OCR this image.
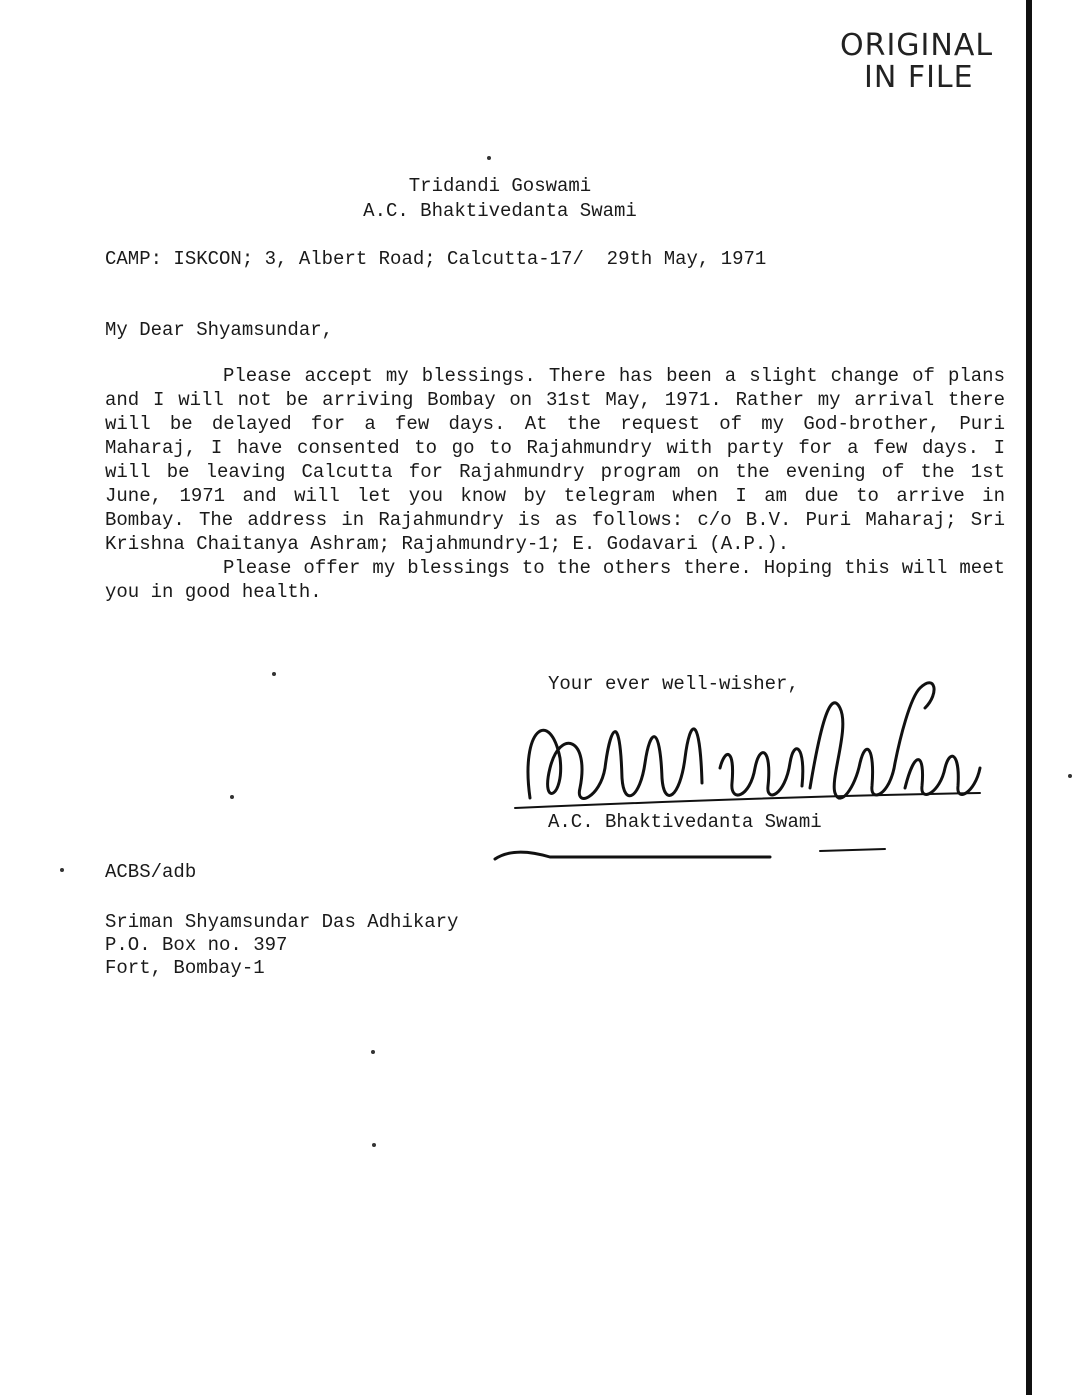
ORIGINAL
IN FILE
Tridandi Goswami
A.C. Bhaktivedanta Swami
CAMP: ISKCON; 3, Albert Road; Calcutta-17/  29th May, 1971
My Dear Shyamsundar,

Please accept my blessings. There has been a slight change of plans and I will not be arriving Bombay on 31st May, 1971. Rather my arrival there will be delayed for a few days. At the request of my God-brother, Puri Maharaj, I have consented to go to Rajahmundry with party for a few days. I will be leaving Calcutta for Rajahmundry program on the evening of the 1st June, 1971 and will let you know by telegram when I am due to arrive in Bombay. The address in Rajahmundry is as follows: c/o B.V. Puri Maharaj; Sri Krishna Chaitanya Ashram; Rajahmundry-1; E. Godavari (A.P.).

Please offer my blessings to the others there. Hoping this will meet you in good health.

Your ever well-wisher,
A.C. Bhaktivedanta Swami
ACBS/adb
Sriman Shyamsundar Das Adhikary
P.O. Box no. 397
Fort, Bombay-1
